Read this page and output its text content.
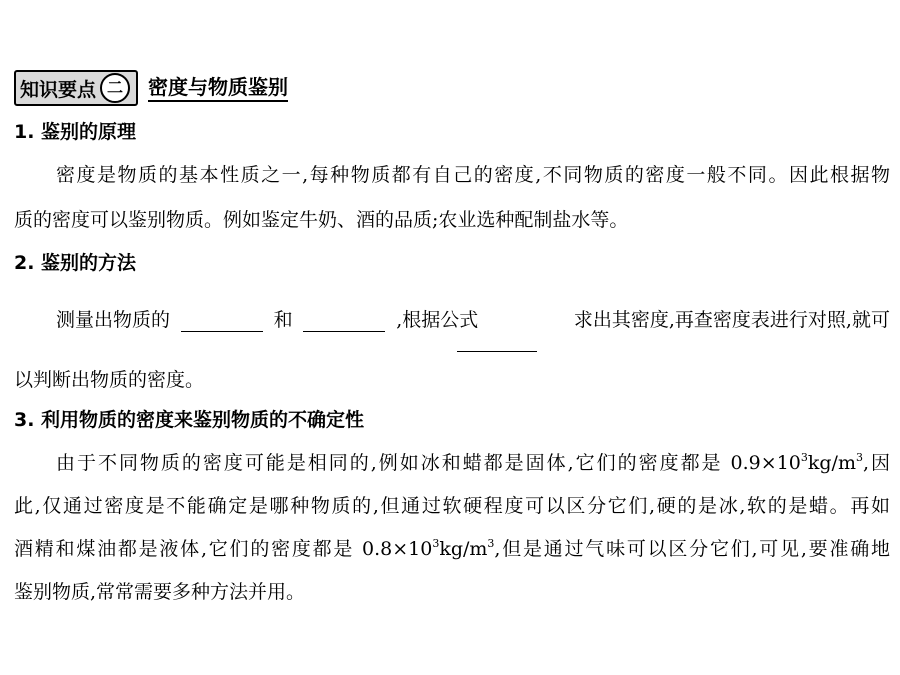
知识要点 二	密度与物质鉴别
1. 鉴别的原理
密度是物质的基本性质之一,每种物质都有自己的密度,不同物质的密度一般不同。因此根据物
质的密度可以鉴别物质。例如鉴定牛奶、酒的品质;农业选种配制盐水等。
2. 鉴别的方法
测量出物质的	和	,根据公式	求出其密度,再查密度表进行对照,就可
以判断出物质的密度。
3. 利用物质的密度来鉴别物质的不确定性
由于不同物质的密度可能是相同的,例如冰和蜡都是固体,它们的密度都是 $0.9\times 10^3kg/m^3$,因
此,仅通过密度是不能确定是哪种物质的,但通过软硬程度可以区分它们,硬的是冰,软的是蜡。再如
酒精和煤油都是液体,它们的密度都是 $0.8\times 10^3kg/m^3$,但是通过气味可以区分它们,可见,要准确地
鉴别物质,常常需要多种方法并用。
